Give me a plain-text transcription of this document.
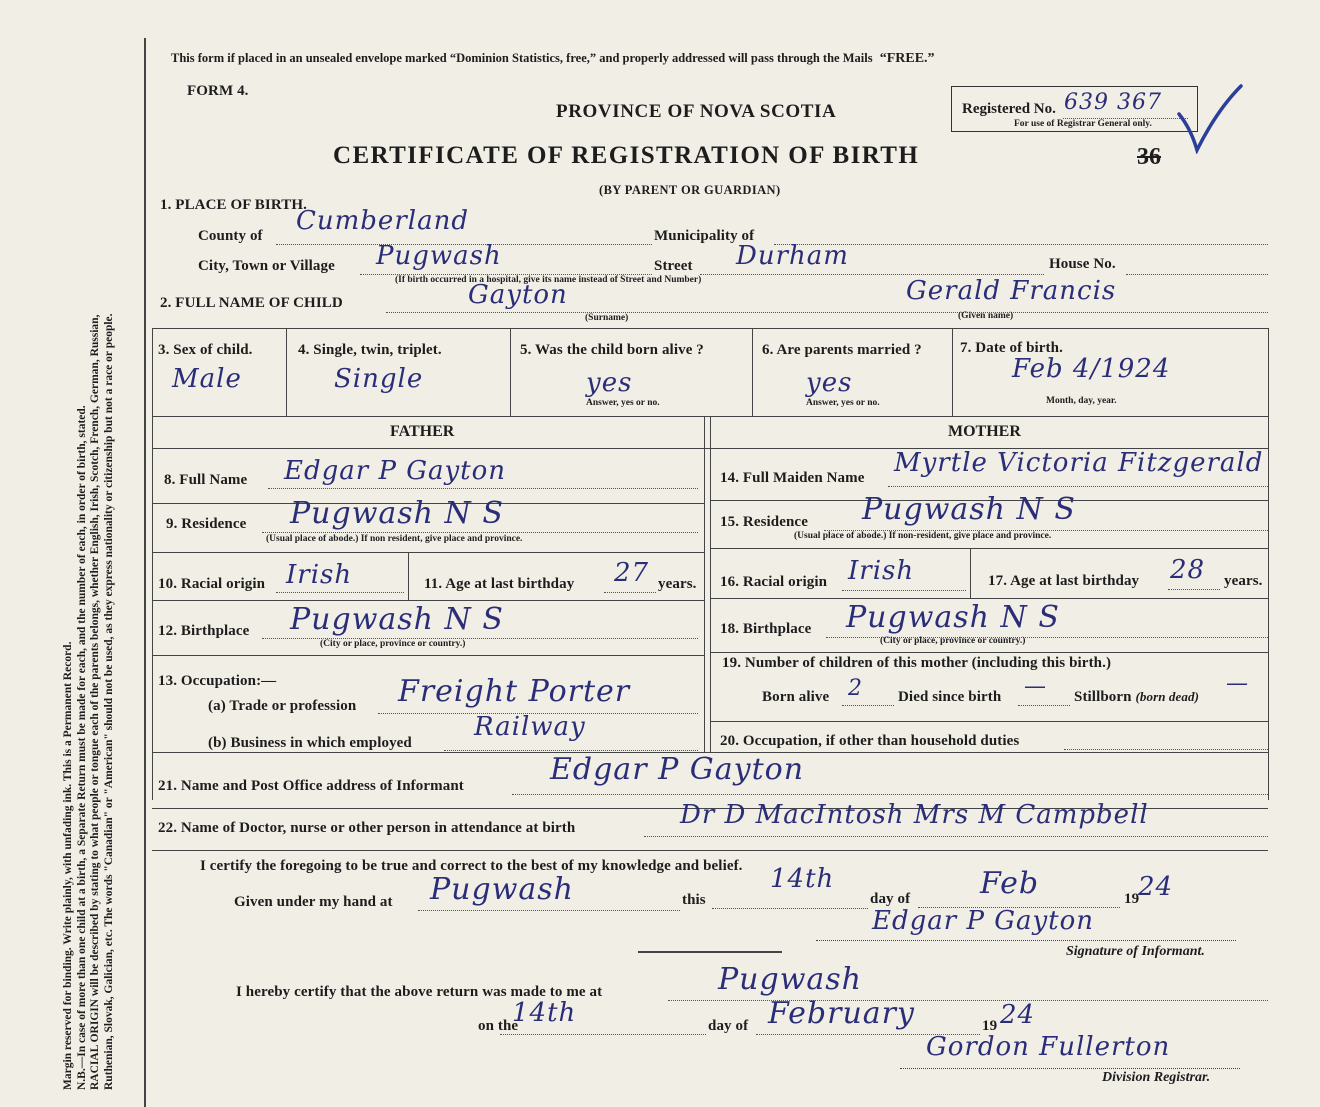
Margin reserved for binding. Write plainly, with unfading ink. This is a Permanent Record. N.B.—In case of more than one child at a birth, a Separate Return must be made for each, and the number of each, in order of birth, stated. RACIAL ORIGIN will be described by stating to what people or tongue each of the parents belongs, whether English, Irish, Scotch, French, German, Russian, Ruthenian, Slovak, Galician, etc. The words "Canadian" or "American" should not be used, as they express nationality or citizenship but not a race or people.
This form if placed in an unsealed envelope marked “Dominion Statistics, free,” and properly addressed will pass through the Mails “FREE.”
FORM 4.
PROVINCE OF NOVA SCOTIA	Registered No. 639 367
For use of Registrar General only.
CERTIFICATE OF REGISTRATION OF BIRTH	36
(BY PARENT OR GUARDIAN)
1. PLACE OF BIRTH.
County of Cumberland	Municipality of
City, Town or Village Pugwash	Street Durham	House No.
(If birth occurred in a hospital, give its name instead of Street and Number)
2. FULL NAME OF CHILD	Gayton	Gerald Francis
(Surname)	(Given name)
3. Sex of child.
Male
4. Single, twin, triplet.
Single
5. Was the child born alive ?
yes
Answer, yes or no.
6. Are parents married ?
yes
Answer, yes or no.
7. Date of birth.
Feb 4/1924
Month, day, year.
FATHER	MOTHER
8. Full Name Edgar P Gayton
9. Residence Pugwash N S
(Usual place of abode.) If non resident, give place and province.
10. Racial origin Irish	11. Age at last birthday 27 years.
12. Birthplace Pugwash N S
(City or place, province or country.)
13. Occupation:—
(a) Trade or profession Freight Porter
(b) Business in which employed
Railway
14. Full Maiden Name Myrtle Victoria Fitzgerald
15. Residence Pugwash N S
(Usual place of abode.) If non-resident, give place and province.
16. Racial origin Irish	17. Age at last birthday 28 years.
18. Birthplace Pugwash N S
(City or place, province or country.)
19. Number of children of this mother (including this birth.)
Born alive 2 Died since birth — Stillborn (born dead)
—
20. Occupation, if other than household duties
21. Name and Post Office address of Informant	Edgar P Gayton
22. Name of Doctor, nurse or other person in attendance at birth	Dr D MacIntosh Mrs M Campbell
I certify the foregoing to be true and correct to the best of my knowledge and belief.
Given under my hand at Pugwash	this
14th
day of Feb	19
24
Edgar P Gayton
Signature of Informant.
I hereby certify that the above return was made to me at	Pugwash
on the
14th	day of February	19 24
Gordon Fullerton
Division Registrar.
